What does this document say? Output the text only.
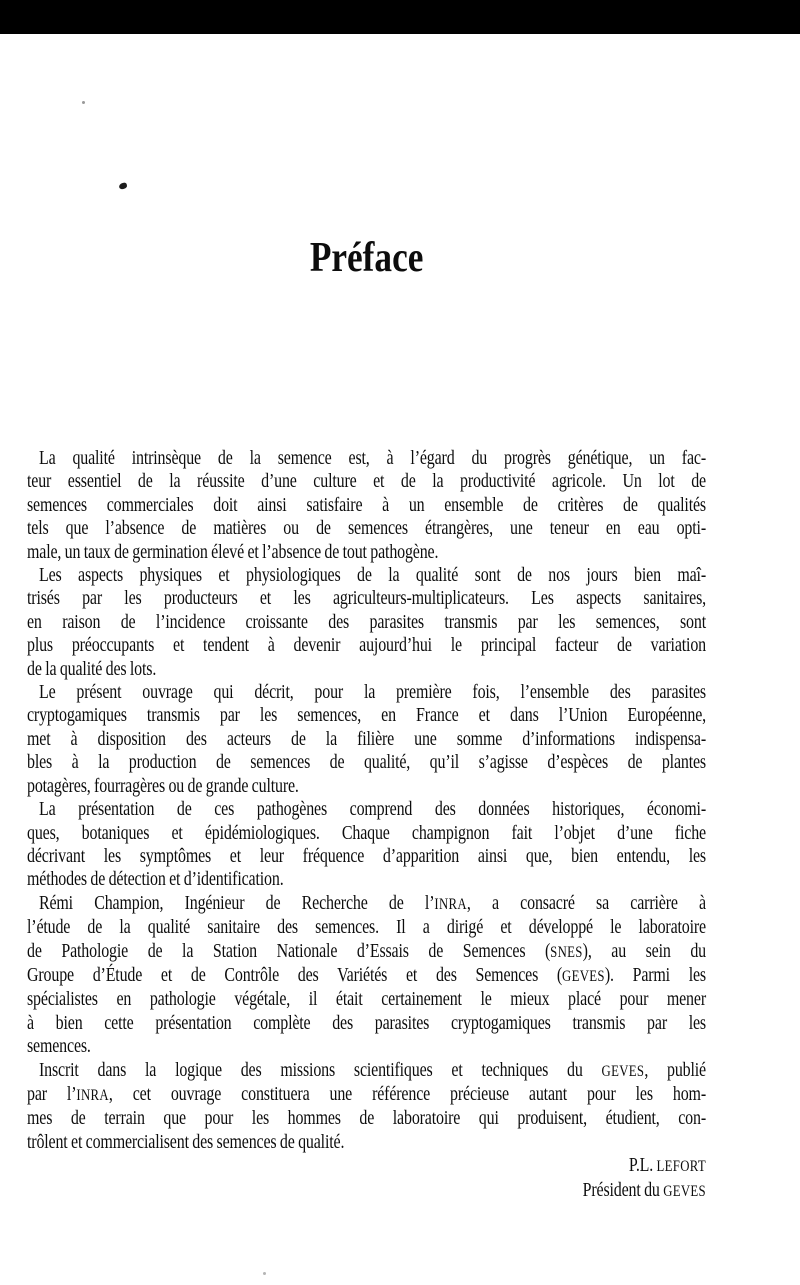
Préface
La qualité intrinsèque de la semence est, à l’égard du progrès génétique, un fac-
teur essentiel de la réussite d’une culture et de la productivité agricole. Un lot de
semences commerciales doit ainsi satisfaire à un ensemble de critères de qualités
tels que l’absence de matières ou de semences étrangères, une teneur en eau opti-
male, un taux de germination élevé et l’absence de tout pathogène.
Les aspects physiques et physiologiques de la qualité sont de nos jours bien maî-
trisés par les producteurs et les agriculteurs-multiplicateurs. Les aspects sanitaires,
en raison de l’incidence croissante des parasites transmis par les semences, sont
plus préoccupants et tendent à devenir aujourd’hui le principal facteur de variation
de la qualité des lots.
Le présent ouvrage qui décrit, pour la première fois, l’ensemble des parasites
cryptogamiques transmis par les semences, en France et dans l’Union Européenne,
met à disposition des acteurs de la filière une somme d’informations indispensa-
bles à la production de semences de qualité, qu’il s’agisse d’espèces de plantes
potagères, fourragères ou de grande culture.
La présentation de ces pathogènes comprend des données historiques, économi-
ques, botaniques et épidémiologiques. Chaque champignon fait l’objet d’une fiche
décrivant les symptômes et leur fréquence d’apparition ainsi que, bien entendu, les
méthodes de détection et d’identification.
Rémi Champion, Ingénieur de Recherche de l’INRA, a consacré sa carrière à
l’étude de la qualité sanitaire des semences. Il a dirigé et développé le laboratoire
de Pathologie de la Station Nationale d’Essais de Semences (SNES), au sein du
Groupe d’Étude et de Contrôle des Variétés et des Semences (GEVES). Parmi les
spécialistes en pathologie végétale, il était certainement le mieux placé pour mener
à bien cette présentation complète des parasites cryptogamiques transmis par les
semences.
Inscrit dans la logique des missions scientifiques et techniques du GEVES, publié
par l’INRA, cet ouvrage constituera une référence précieuse autant pour les hom-
mes de terrain que pour les hommes de laboratoire qui produisent, étudient, con-
trôlent et commercialisent des semences de qualité.
P.L. LEFORT
Président du GEVES
